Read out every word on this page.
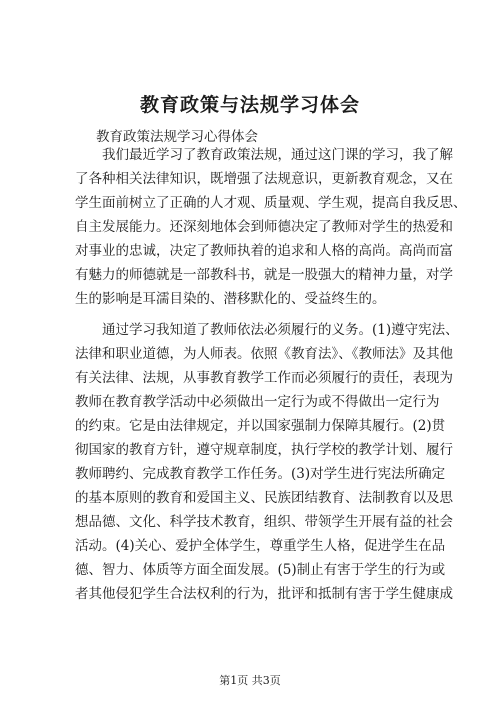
教育政策与法规学习体会
教育政策法规学习心得体会
　　我们最近学习了教育政策法规，通过这门课的学习，我了解
了各种相关法律知识，既增强了法规意识，更新教育观念，又在
学生面前树立了正确的人才观、质量观、学生观，提高自我反思、
自主发展能力。还深刻地体会到师德决定了教师对学生的热爱和
对事业的忠诚，决定了教师执着的追求和人格的高尚。高尚而富
有魅力的师德就是一部教科书，就是一股强大的精神力量，对学
生的影响是耳濡目染的、潜移默化的、受益终生的。
　　通过学习我知道了教师依法必须履行的义务。(1)遵守宪法、
法律和职业道德，为人师表。依照《教育法》、《教师法》及其他
有关法律、法规，从事教育教学工作而必须履行的责任，表现为
教师在教育教学活动中必须做出一定行为或不得做出一定行为
的约束。它是由法律规定，并以国家强制力保障其履行。(2)贯
彻国家的教育方针，遵守规章制度，执行学校的教学计划、履行
教师聘约、完成教育教学工作任务。(3)对学生进行宪法所确定
的基本原则的教育和爱国主义、民族团结教育、法制教育以及思
想品德、文化、科学技术教育，组织、带领学生开展有益的社会
活动。(4)关心、爱护全体学生，尊重学生人格，促进学生在品
德、智力、体质等方面全面发展。(5)制止有害于学生的行为或
者其他侵犯学生合法权利的行为，批评和抵制有害于学生健康成
第1页 共3页
